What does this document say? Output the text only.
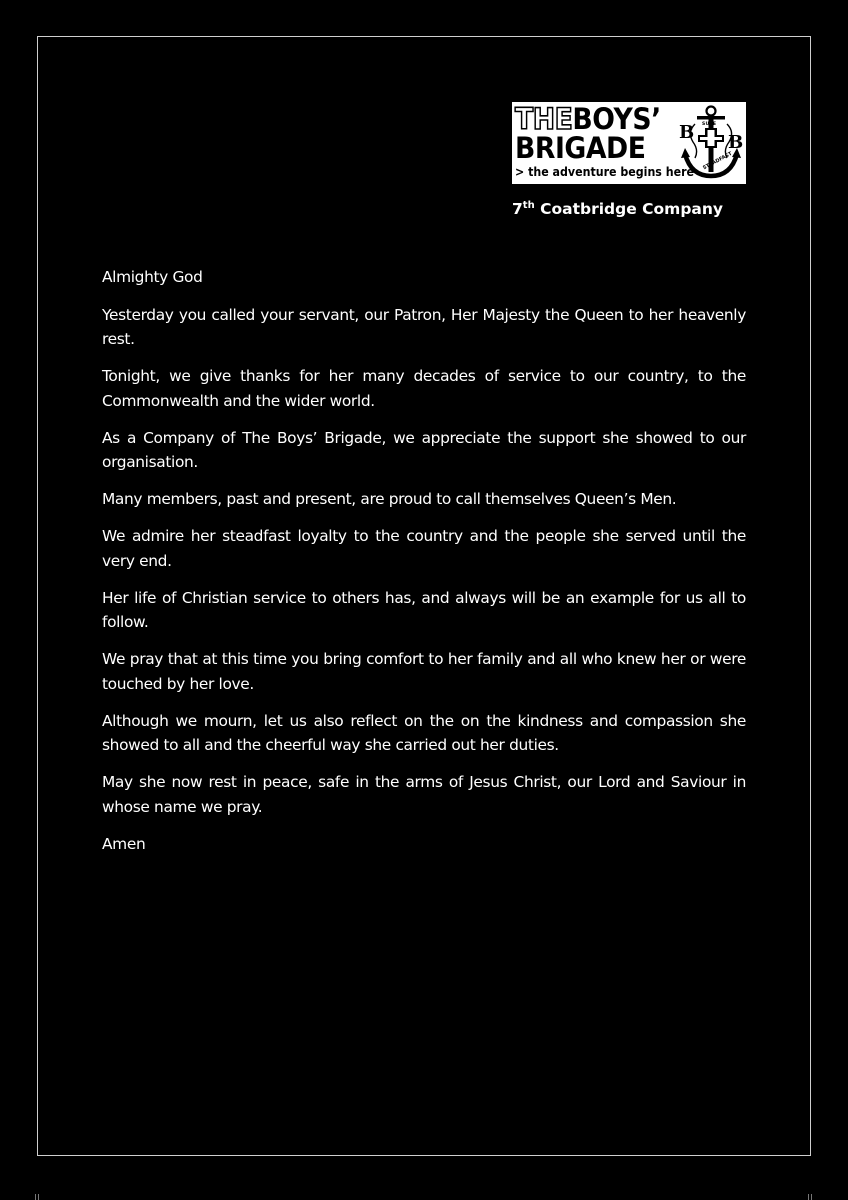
THEBOYS’
BRIGADE
> the adventure begins here
B B
SURE
STEADFAST
7th Coatbridge Company

Almighty God

Yesterday you called your servant, our Patron, Her Majesty the Queen to her heavenly rest.

Tonight, we give thanks for her many decades of service to our country, to the Commonwealth and the wider world.

As a Company of The Boys’ Brigade, we appreciate the support she showed to our organisation.

Many members, past and present, are proud to call themselves Queen’s Men.

We admire her steadfast loyalty to the country and the people she served until the very end.

Her life of Christian service to others has, and always will be an example for us all to follow.

We pray that at this time you bring comfort to her family and all who knew her or were touched by her love.

Although we mourn, let us also reflect on the on the kindness and compassion she showed to all and the cheerful way she carried out her duties.

May she now rest in peace, safe in the arms of Jesus Christ, our Lord and Saviour in whose name we pray.

Amen
